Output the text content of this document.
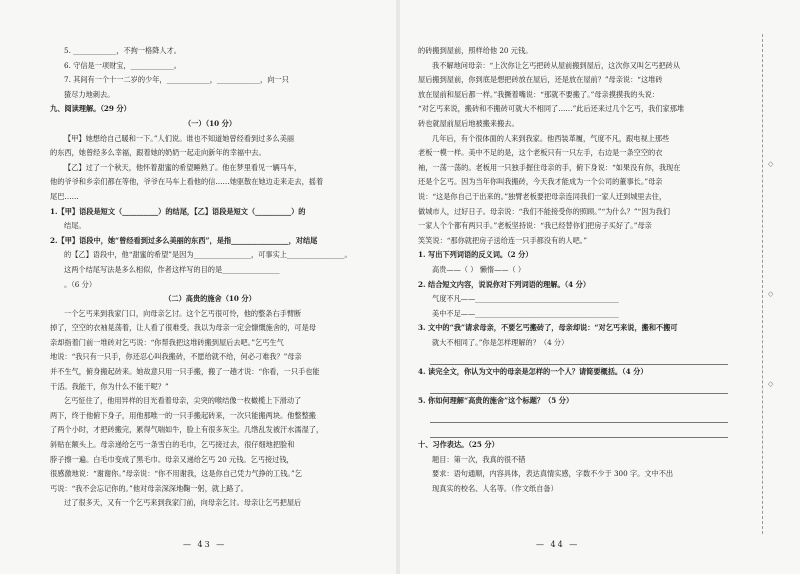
5. ____________，不拘一格降人才。
6. 守信是一项财宝，____________。
7. 其间有一个十一二岁的少年，____________，____________，向一只
猹尽力地刺去。
九、阅读理解。（29 分）
（一）（10 分）
【甲】她想给自己暖和一下。”人们说。谁也不知道她曾经看到过多么美丽
的东西，她曾经多么幸福，跟着她的奶奶一起走向新年的幸福中去。
【乙】过了一个秋天，他怀着甜蜜的希望睡熟了。他在梦里看见一辆马车，
他的爷爷和乡亲们都在等他，爷爷在马车上看他的信……她驱散在她边走来走去，摇着
尾巴……
1.【甲】语段是短文（__________）的结尾，【乙】语段是短文（__________）的
结尾。
2.【甲】语段中，她“曾经看到过多么美丽的东西”，是指________________，对结尾
的【乙】语段中，他“甜蜜的希望”是因为________________，可事实上________________。
这两个结尾写法是多么相似，作者这样写的目的是________________
。（6 分）
（二）高贵的施舍（10 分）
一个乞丐来到我家门口，向母亲乞讨。这个乞丐很可怜，他的整条右手臂断
掉了，空空的衣袖晃荡着，让人看了很难受。我以为母亲一定会慷慨施舍的，可是母
亲却指着门前一堆砖对乞丐说：“你帮我把这堆砖搬到屋后去吧。”乞丐生气
地说：“我只有一只手，你还忍心叫我搬砖，不愿给就不给，何必刁难我？”母亲
并不生气，俯身搬起砖来。她故意只用一只手搬，搬了一趟才说：“你看，一只手也能
干活。我能干，你为什么不能干呢？”
乞丐怔住了，他用异样的目光看着母亲，尖突的喉结像一枚橄榄上下滑动了
两下，终于他俯下身子，用他那唯一的一只手搬起砖来，一次只能搬两块。他整整搬
了两个小时，才把砖搬完，累得气喘如牛，脸上有很多灰尘。几绺乱发被汗水濡湿了，
斜贴在额头上。母亲递给乞丐一条雪白的毛巾，乞丐接过去，很仔细地把脸和
脖子擦一遍。白毛巾变成了黑毛巾。母亲又递给乞丐 20 元钱。乞丐接过钱，
很感激地说：“谢谢你。”母亲说：“你不用谢我，这是你自己凭力气挣的工钱。”乞
丐说：“我不会忘记你的。”他对母亲深深地鞠一躬，就上路了。
过了很多天，又有一个乞丐来到我家门前，向母亲乞讨。母亲让乞丐把屋后
— 43 —
的砖搬到屋前，照样给他 20 元钱。
我不解地问母亲：“上次你让乞丐把砖从屋前搬到屋后，这次你又叫乞丐把砖从
屋后搬到屋前，你到底是想把砖放在屋后，还是放在屋前？”母亲说：“这堆砖
放在屋前和屋后都一样。”我撅着嘴说：“那就不要搬了。”母亲摸摸我的头说：
“对乞丐来说，搬砖和不搬砖可就大不相同了……”此后还来过几个乞丐，我们家那堆
砖也就屋前屋后地被搬来搬去。
几年后，有个很体面的人来到我家。他西装革履，气度不凡，跟电视上那些
老板一模一样。美中不足的是，这个老板只有一只左手，右边是一条空空的衣
袖，一荡一荡的。老板用一只独手握住母亲的手，俯下身说：“如果没有你，我现在
还是个乞丐。因为当年你叫我搬砖，今天我才能成为一个公司的董事长。”母亲
说：“这是你自己干出来的。”独臂老板要把母亲连同我们一家人迁到城里去住，
做城市人，过好日子。母亲说：“我们不能接受你的照顾。”“为什么？”“因为我们
一家人个个都有两只手。”老板坚持说：“我已经替你们把房子买好了。”母亲
笑笑说：“那你就把房子送给连一只手都没有的人吧。”
1. 写出下列词语的反义词。（2 分）
高贵——（ ） 懒惰——（ ）
2. 结合短文内容，说说你对下列词语的理解。（4 分）
气度不凡——________________________________________
美中不足——________________________________________
3. 文中的“我”请求母亲，不要乞丐搬砖了，母亲却说：“对乞丐来说，搬和不搬可
就大不相同了。”你是怎样理解的？（4 分）
4. 读完全文，你认为文中的母亲是怎样的一个人？请简要概括。（4 分）
5. 你如何理解“高贵的施舍”这个标题？（5 分）
十、习作表达。（25 分）
题目：第一次，我真的很不错
要求：语句通顺，内容具体，表达真情实感，字数不少于 300 字。文中不出
现真实的校名、人名等。（作文纸自备）
— 44 —
◇
◇
◇
